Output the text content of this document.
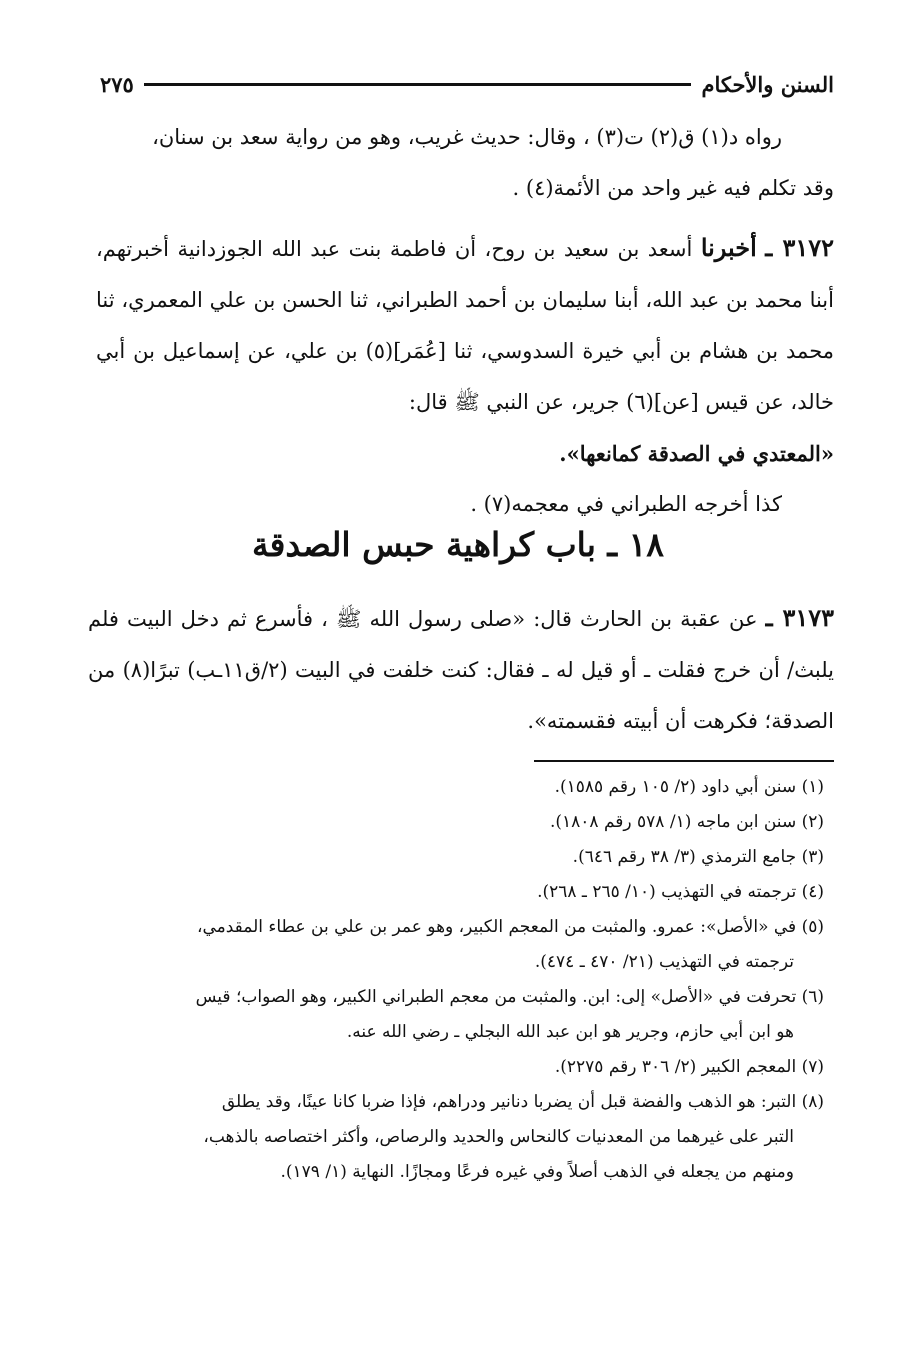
السنن والأحكام
٢٧٥

رواه د⁠(١) ق⁠(٢) ت⁠(٣) ، وقال: حديث غريب، وهو من رواية سعد بن سنان،

وقد تكلم فيه غير واحد من الأئمة(٤) .

٣١٧٢ ـ أخبرنا أسعد بن سعيد بن روح، أن فاطمة بنت عبد الله الجوزدانية أخبرتهم، أبنا محمد بن عبد الله، أبنا سليمان بن أحمد الطبراني، ثنا الحسن بن علي المعمري، ثنا محمد بن هشام بن أبي خيرة السدوسي، ثنا [عُمَر](٥) بن علي، عن إسماعيل بن أبي خالد، عن قيس [عن](٦) جرير، عن النبي ﷺ قال:

«المعتدي في الصدقة كمانعها».

كذا أخرجه الطبراني في معجمه(٧) .

١٨ ـ باب كراهية حبس الصدقة

٣١٧٣ ـ عن عقبة بن الحارث قال: «صلى رسول الله ﷺ ، فأسرع ثم دخل البيت فلم يلبث/ أن خرج فقلت ـ أو قيل له ـ فقال: كنت خلفت في البيت (٢/ق١١ـب) تبرًا(٨) من الصدقة؛ فكرهت أن أبيته فقسمته».

(١) سنن أبي داود (٢/ ١٠٥ رقم ١٥٨٥).

(٢) سنن ابن ماجه (١/ ٥٧٨ رقم ١٨٠٨).

(٣) جامع الترمذي (٣/ ٣٨ رقم ٦٤٦).

(٤) ترجمته في التهذيب (١٠/ ٢٦٥ ـ ٢٦٨).

(٥) في «الأصل»: عمرو. والمثبت من المعجم الكبير، وهو عمر بن علي بن عطاء المقدمي،

ترجمته في التهذيب (٢١/ ٤٧٠ ـ ٤٧٤).

(٦) تحرفت في «الأصل» إلى: ابن. والمثبت من معجم الطبراني الكبير، وهو الصواب؛ قيس

هو ابن أبي حازم، وجرير هو ابن عبد الله البجلي ـ رضي الله عنه.

(٧) المعجم الكبير (٢/ ٣٠٦ رقم ٢٢٧٥).

(٨) التبر: هو الذهب والفضة قبل أن يضربا دنانير ودراهم، فإذا ضربا كانا عينًا، وقد يطلق

التبر على غيرهما من المعدنيات كالنحاس والحديد والرصاص، وأكثر اختصاصه بالذهب،

ومنهم من يجعله في الذهب أصلاً وفي غيره فرعًا ومجازًا. النهاية (١/ ١٧٩).
